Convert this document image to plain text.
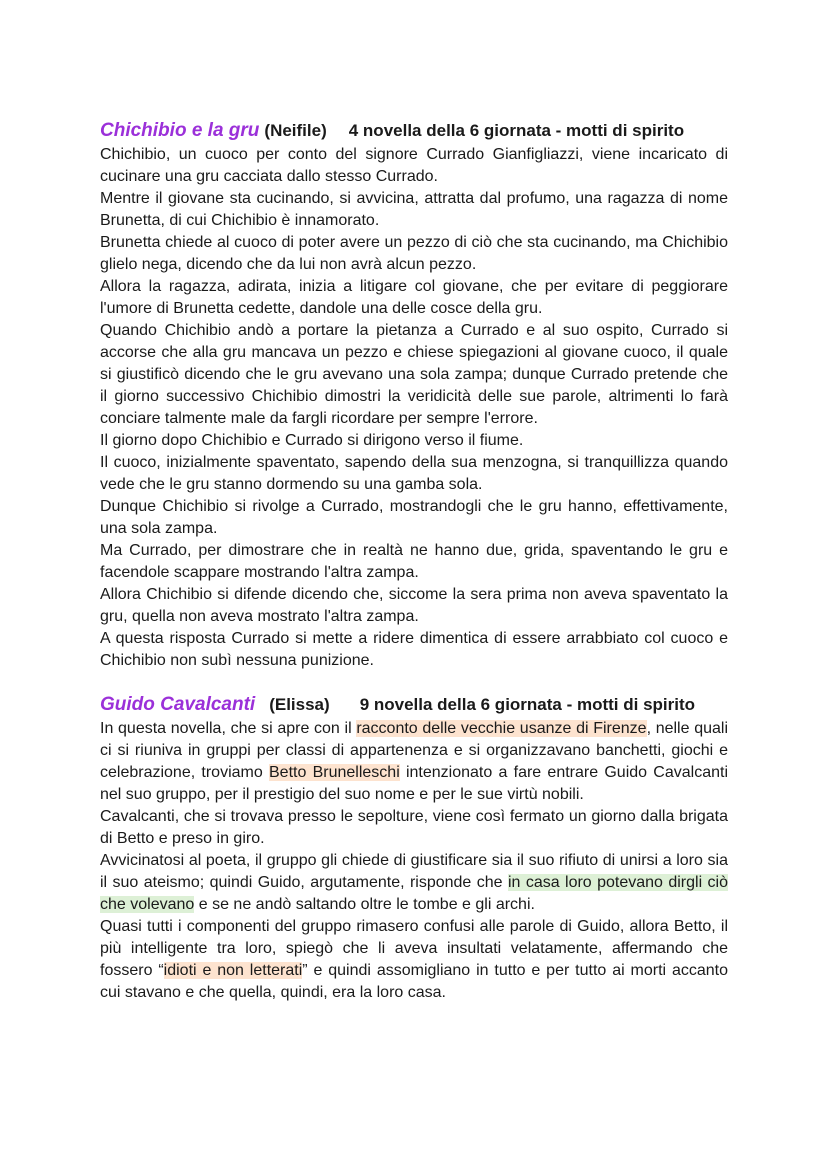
Chichibio e la gru (Neifile) 4 novella della 6 giornata - motti di spirito

Chichibio, un cuoco per conto del signore Currado Gianfigliazzi, viene incaricato di cucinare una gru cacciata dallo stesso Currado.

Mentre il giovane sta cucinando, si avvicina, attratta dal profumo, una ragazza di nome Brunetta, di cui Chichibio è innamorato.

Brunetta chiede al cuoco di poter avere un pezzo di ciò che sta cucinando, ma Chichibio glielo nega, dicendo che da lui non avrà alcun pezzo.

Allora la ragazza, adirata, inizia a litigare col giovane, che per evitare di peggiorare l'umore di Brunetta cedette, dandole una delle cosce della gru.

Quando Chichibio andò a portare la pietanza a Currado e al suo ospito, Currado si accorse che alla gru mancava un pezzo e chiese spiegazioni al giovane cuoco, il quale si giustificò dicendo che le gru avevano una sola zampa; dunque Currado pretende che il giorno successivo Chichibio dimostri la veridicità delle sue parole, altrimenti lo farà conciare talmente male da fargli ricordare per sempre l'errore.

Il giorno dopo Chichibio e Currado si dirigono verso il fiume.

Il cuoco, inizialmente spaventato, sapendo della sua menzogna, si tranquillizza quando vede che le gru stanno dormendo su una gamba sola.

Dunque Chichibio si rivolge a Currado, mostrandogli che le gru hanno, effettivamente, una sola zampa.

Ma Currado, per dimostrare che in realtà ne hanno due, grida, spaventando le gru e facendole scappare mostrando l'altra zampa.

Allora Chichibio si difende dicendo che, siccome la sera prima non aveva spaventato la gru, quella non aveva mostrato l'altra zampa.

A questa risposta Currado si mette a ridere dimentica di essere arrabbiato col cuoco e Chichibio non subì nessuna punizione.

Guido Cavalcanti (Elissa) 9 novella della 6 giornata - motti di spirito

In questa novella, che si apre con il racconto delle vecchie usanze di Firenze, nelle quali ci si riuniva in gruppi per classi di appartenenza e si organizzavano banchetti, giochi e celebrazione, troviamo Betto Brunelleschi intenzionato a fare entrare Guido Cavalcanti nel suo gruppo, per il prestigio del suo nome e per le sue virtù nobili.

Cavalcanti, che si trovava presso le sepolture, viene così fermato un giorno dalla brigata di Betto e preso in giro.

Avvicinatosi al poeta, il gruppo gli chiede di giustificare sia il suo rifiuto di unirsi a loro sia il suo ateismo; quindi Guido, argutamente, risponde che in casa loro potevano dirgli ciò che volevano e se ne andò saltando oltre le tombe e gli archi.

Quasi tutti i componenti del gruppo rimasero confusi alle parole di Guido, allora Betto, il più intelligente tra loro, spiegò che li aveva insultati velatamente, affermando che fossero “idioti e non letterati” e quindi assomigliano in tutto e per tutto ai morti accanto cui stavano e che quella, quindi, era la loro casa.
